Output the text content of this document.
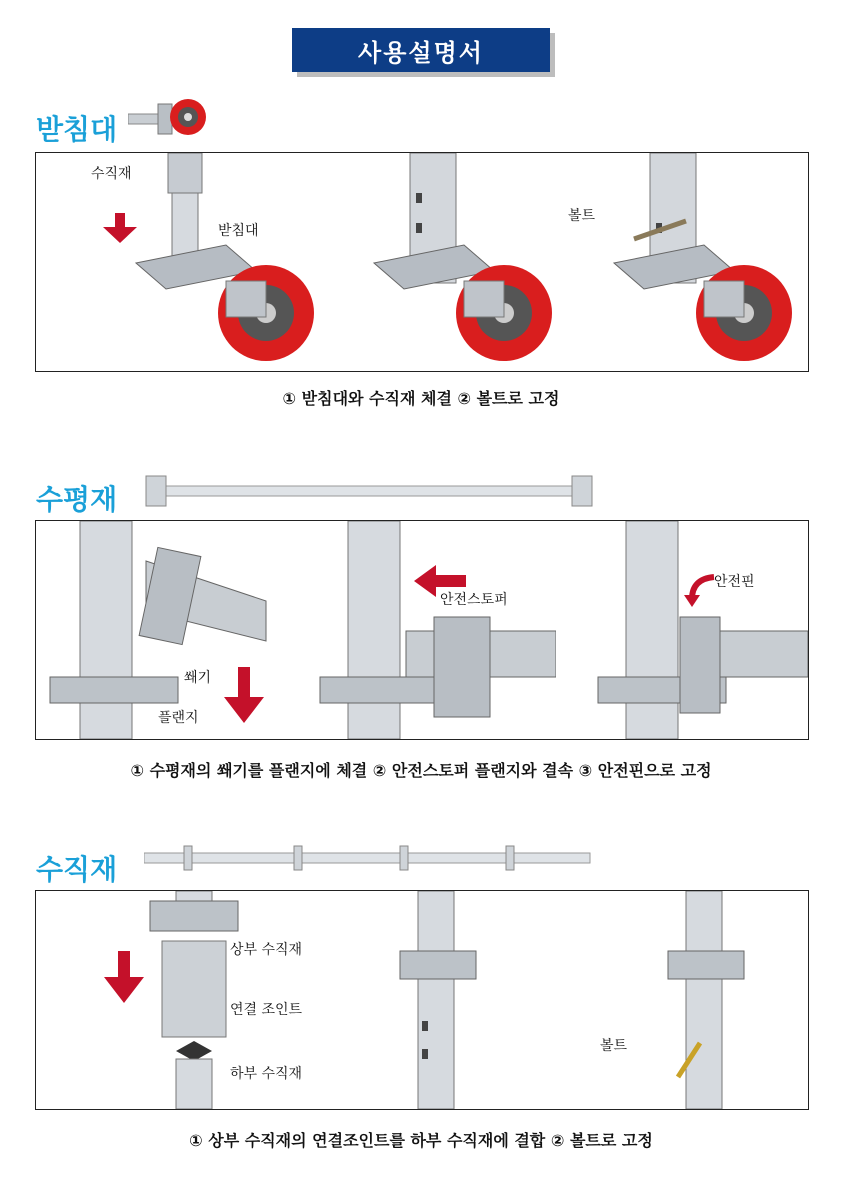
사용설명서
받침대
수직재
받침대
볼트
① 받침대와 수직재 체결 ② 볼트로 고정
수평재
쐐기
플랜지
안전스토퍼
안전핀
① 수평재의 쐐기를 플랜지에 체결 ② 안전스토퍼 플랜지와 결속 ③ 안전핀으로 고정
수직재
상부 수직재
연결 조인트
하부 수직재
볼트
① 상부 수직재의 연결조인트를 하부 수직재에 결합 ② 볼트로 고정
